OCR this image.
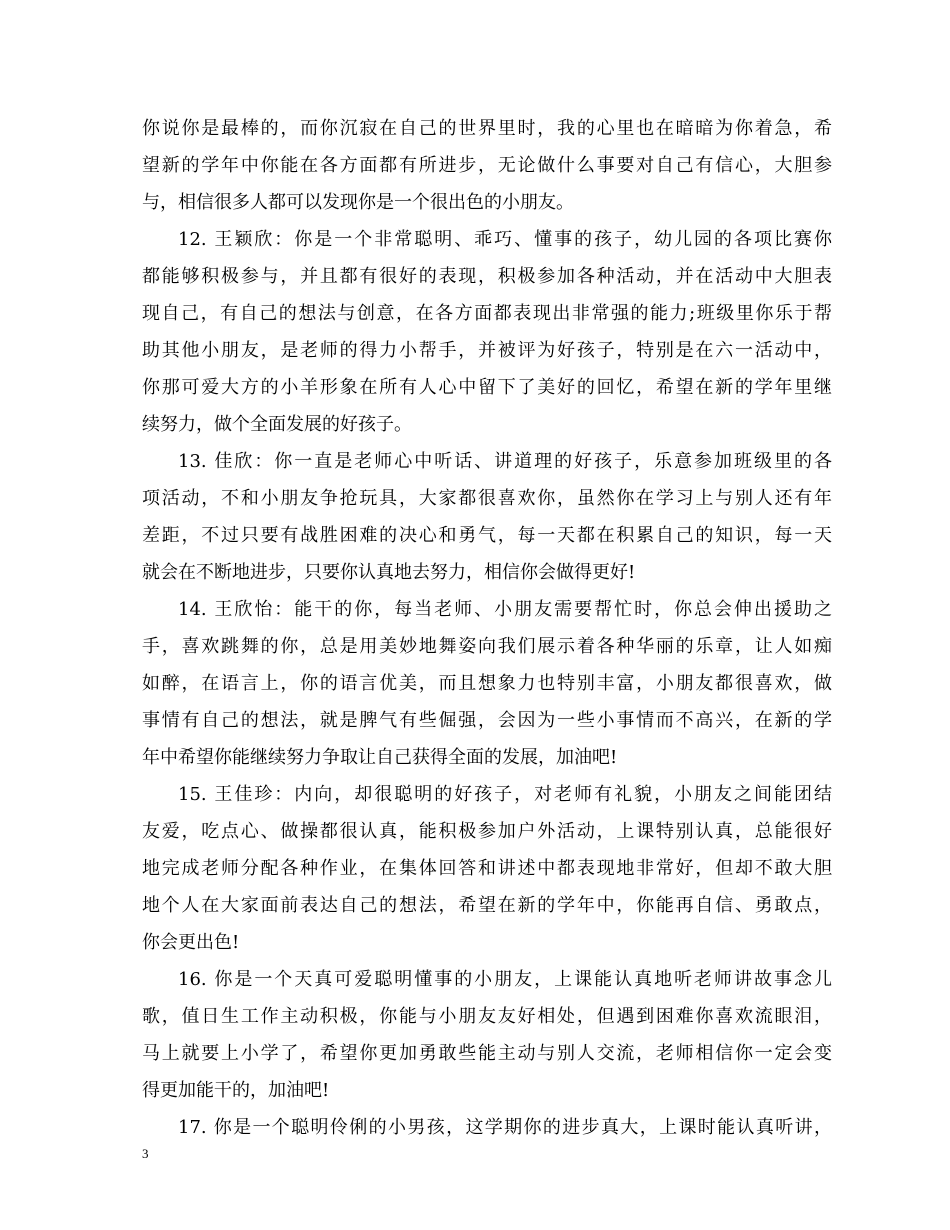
你说你是最棒的，而你沉寂在自己的世界里时，我的心里也在暗暗为你着急，希
望新的学年中你能在各方面都有所进步，无论做什么事要对自己有信心，大胆参
与，相信很多人都可以发现你是一个很出色的小朋友。
12. 王颖欣：你是一个非常聪明、乖巧、懂事的孩子，幼儿园的各项比赛你
都能够积极参与，并且都有很好的表现，积极参加各种活动，并在活动中大胆表
现自己，有自己的想法与创意，在各方面都表现出非常强的能力;班级里你乐于帮
助其他小朋友，是老师的得力小帮手，并被评为好孩子，特别是在六一活动中，
你那可爱大方的小羊形象在所有人心中留下了美好的回忆，希望在新的学年里继
续努力，做个全面发展的好孩子。
13. 佳欣：你一直是老师心中听话、讲道理的好孩子，乐意参加班级里的各
项活动，不和小朋友争抢玩具，大家都很喜欢你，虽然你在学习上与别人还有年
差距，不过只要有战胜困难的决心和勇气，每一天都在积累自己的知识，每一天
就会在不断地进步，只要你认真地去努力，相信你会做得更好!
14. 王欣怡：能干的你，每当老师、小朋友需要帮忙时，你总会伸出援助之
手，喜欢跳舞的你，总是用美妙地舞姿向我们展示着各种华丽的乐章，让人如痴
如醉，在语言上，你的语言优美，而且想象力也特别丰富，小朋友都很喜欢，做
事情有自己的想法，就是脾气有些倔强，会因为一些小事情而不高兴，在新的学
年中希望你能继续努力争取让自己获得全面的发展，加油吧!
15. 王佳珍：内向，却很聪明的好孩子，对老师有礼貌，小朋友之间能团结
友爱，吃点心、做操都很认真，能积极参加户外活动，上课特别认真，总能很好
地完成老师分配各种作业，在集体回答和讲述中都表现地非常好，但却不敢大胆
地个人在大家面前表达自己的想法，希望在新的学年中，你能再自信、勇敢点，
你会更出色!
16. 你是一个天真可爱聪明懂事的小朋友，上课能认真地听老师讲故事念儿
歌，值日生工作主动积极，你能与小朋友友好相处，但遇到困难你喜欢流眼泪，
马上就要上小学了，希望你更加勇敢些能主动与别人交流，老师相信你一定会变
得更加能干的，加油吧!
17. 你是一个聪明伶俐的小男孩，这学期你的进步真大，上课时能认真听讲，
3
